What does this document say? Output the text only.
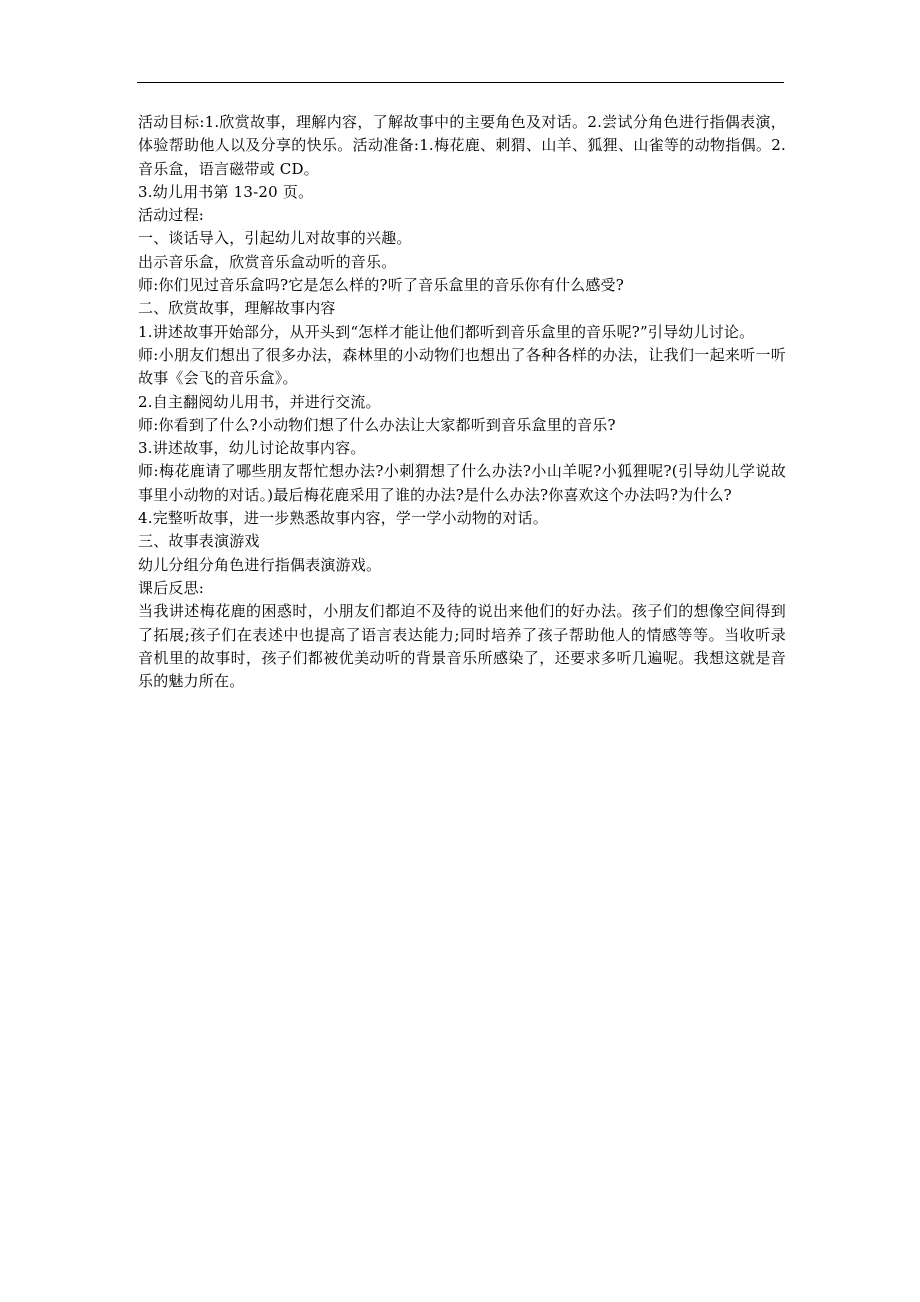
活动目标:1.欣赏故事，理解内容，了解故事中的主要角色及对话。2.尝试分角色进行指偶表演，体验帮助他人以及分享的快乐。活动准备:1.梅花鹿、刺猬、山羊、狐狸、山雀等的动物指偶。2.音乐盒，语言磁带或 CD。

3.幼儿用书第 13-20 页。

活动过程:

一、谈话导入，引起幼儿对故事的兴趣。

出示音乐盒，欣赏音乐盒动听的音乐。

师:你们见过音乐盒吗?它是怎么样的?听了音乐盒里的音乐你有什么感受?

二、欣赏故事，理解故事内容

1.讲述故事开始部分，从开头到“怎样才能让他们都听到音乐盒里的音乐呢?”引导幼儿讨论。

师:小朋友们想出了很多办法，森林里的小动物们也想出了各种各样的办法，让我们一起来听一听故事《会飞的音乐盒》。

2.自主翻阅幼儿用书，并进行交流。

师:你看到了什么?小动物们想了什么办法让大家都听到音乐盒里的音乐?

3.讲述故事，幼儿讨论故事内容。

师:梅花鹿请了哪些朋友帮忙想办法?小刺猬想了什么办法?小山羊呢?小狐狸呢?(引导幼儿学说故事里小动物的对话。)最后梅花鹿采用了谁的办法?是什么办法?你喜欢这个办法吗?为什么?

4.完整听故事，进一步熟悉故事内容，学一学小动物的对话。

三、故事表演游戏

幼儿分组分角色进行指偶表演游戏。

课后反思:

当我讲述梅花鹿的困惑时，小朋友们都迫不及待的说出来他们的好办法。孩子们的想像空间得到了拓展;孩子们在表述中也提高了语言表达能力;同时培养了孩子帮助他人的情感等等。当收听录音机里的故事时，孩子们都被优美动听的背景音乐所感染了，还要求多听几遍呢。我想这就是音乐的魅力所在。
